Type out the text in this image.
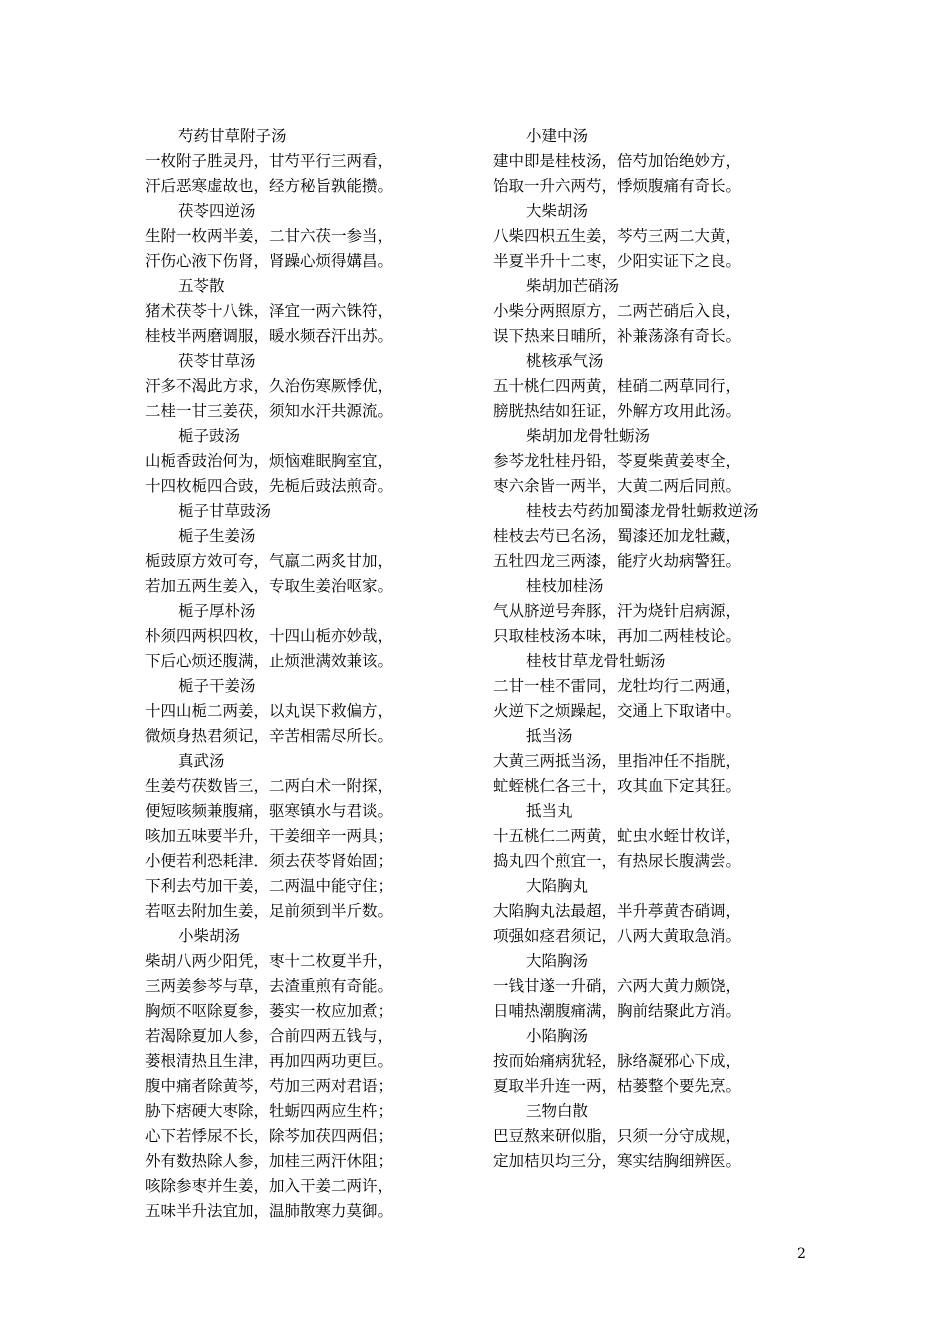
芍药甘草附子汤
一枚附子胜灵丹，甘芍平行三两看，
汗后恶寒虚故也，经方秘旨孰能攒。
茯苓四逆汤
生附一枚两半姜，二甘六茯一参当，
汗伤心液下伤肾，肾躁心烦得媾昌。
五苓散
猪术茯苓十八铢，泽宜一两六铢符，
桂枝半两磨调服，暖水频吞汗出苏。
茯苓甘草汤
汗多不渴此方求，久治伤寒厥悸优，
二桂一甘三姜茯，须知水汗共源流。
栀子豉汤
山栀香豉治何为，烦恼难眠胸室宜，
十四枚栀四合豉，先栀后豉法煎奇。
栀子甘草豉汤
栀子生姜汤
栀豉原方效可夸，气羸二两炙甘加，
若加五两生姜入，专取生姜治呕家。
栀子厚朴汤
朴须四两枳四枚，十四山栀亦妙哉，
下后心烦还腹满，止烦泄满效兼该。
栀子干姜汤
十四山栀二两姜，以丸误下救偏方，
微烦身热君须记，辛苦相需尽所长。
真武汤
生姜芍茯数皆三，二两白术一附探，
便短咳频兼腹痛，驱寒镇水与君谈。
咳加五味要半升，干姜细辛一两具；
小便若利恐耗津．须去茯苓肾始固；
下利去芍加干姜，二两温中能守住；
若呕去附加生姜，足前须到半斤数。
小柴胡汤
柴胡八两少阳凭，枣十二枚夏半升，
三两姜参芩与草，去渣重煎有奇能。
胸烦不呕除夏参，蒌实一枚应加煮；
若渴除夏加人参，合前四两五钱与，
蒌根清热且生津，再加四两功更巨。
腹中痛者除黄芩，芍加三两对君语；
胁下痞硬大枣除，牡蛎四两应生杵；
心下若悸尿不长，除芩加茯四两侣；
外有数热除人参，加桂三两汗休阻；
咳除参枣并生姜，加入干姜二两许，
五味半升法宜加，温肺散寒力莫御。
小建中汤
建中即是桂枝汤，倍芍加饴绝妙方，
饴取一升六两芍，悸烦腹痛有奇长。
大柴胡汤
八柴四枳五生姜，芩芍三两二大黄，
半夏半升十二枣，少阳实证下之良。
柴胡加芒硝汤
小柴分两照原方，二两芒硝后入良，
误下热来日晡所，补兼荡涤有奇长。
桃核承气汤
五十桃仁四两黄，桂硝二两草同行，
膀胱热结如狂证，外解方攻用此汤。
柴胡加龙骨牡蛎汤
参芩龙牡桂丹铅，苓夏柴黄姜枣全，
枣六余皆一两半，大黄二两后同煎。
桂枝去芍药加蜀漆龙骨牡蛎救逆汤
桂枝去芍已名汤，蜀漆还加龙牡藏，
五牡四龙三两漆，能疗火劫病警狂。
桂枝加桂汤
气从脐逆号奔豚，汗为烧针启病源，
只取桂枝汤本味，再加二两桂枝论。
桂枝甘草龙骨牡蛎汤
二甘一桂不雷同，龙牡均行二两通，
火逆下之烦躁起，交通上下取诸中。
抵当汤
大黄三两抵当汤，里指冲任不指胱，
虻蛭桃仁各三十，攻其血下定其狂。
抵当丸
十五桃仁二两黄，虻虫水蛭廿枚详，
捣丸四个煎宜一，有热尿长腹满尝。
大陷胸丸
大陷胸丸法最超，半升葶黄杏硝调，
项强如痉君须记，八两大黄取急消。
大陷胸汤
一钱甘遂一升硝，六两大黄力颇饶，
日哺热潮腹痛满，胸前结聚此方消。
小陷胸汤
按而始痛病犹轻，脉络凝邪心下成，
夏取半升连一两，枯蒌整个要先烹。
三物白散
巴豆熬来研似脂，只须一分守成规，
定加桔贝均三分，寒实结胸细辨医。
2
